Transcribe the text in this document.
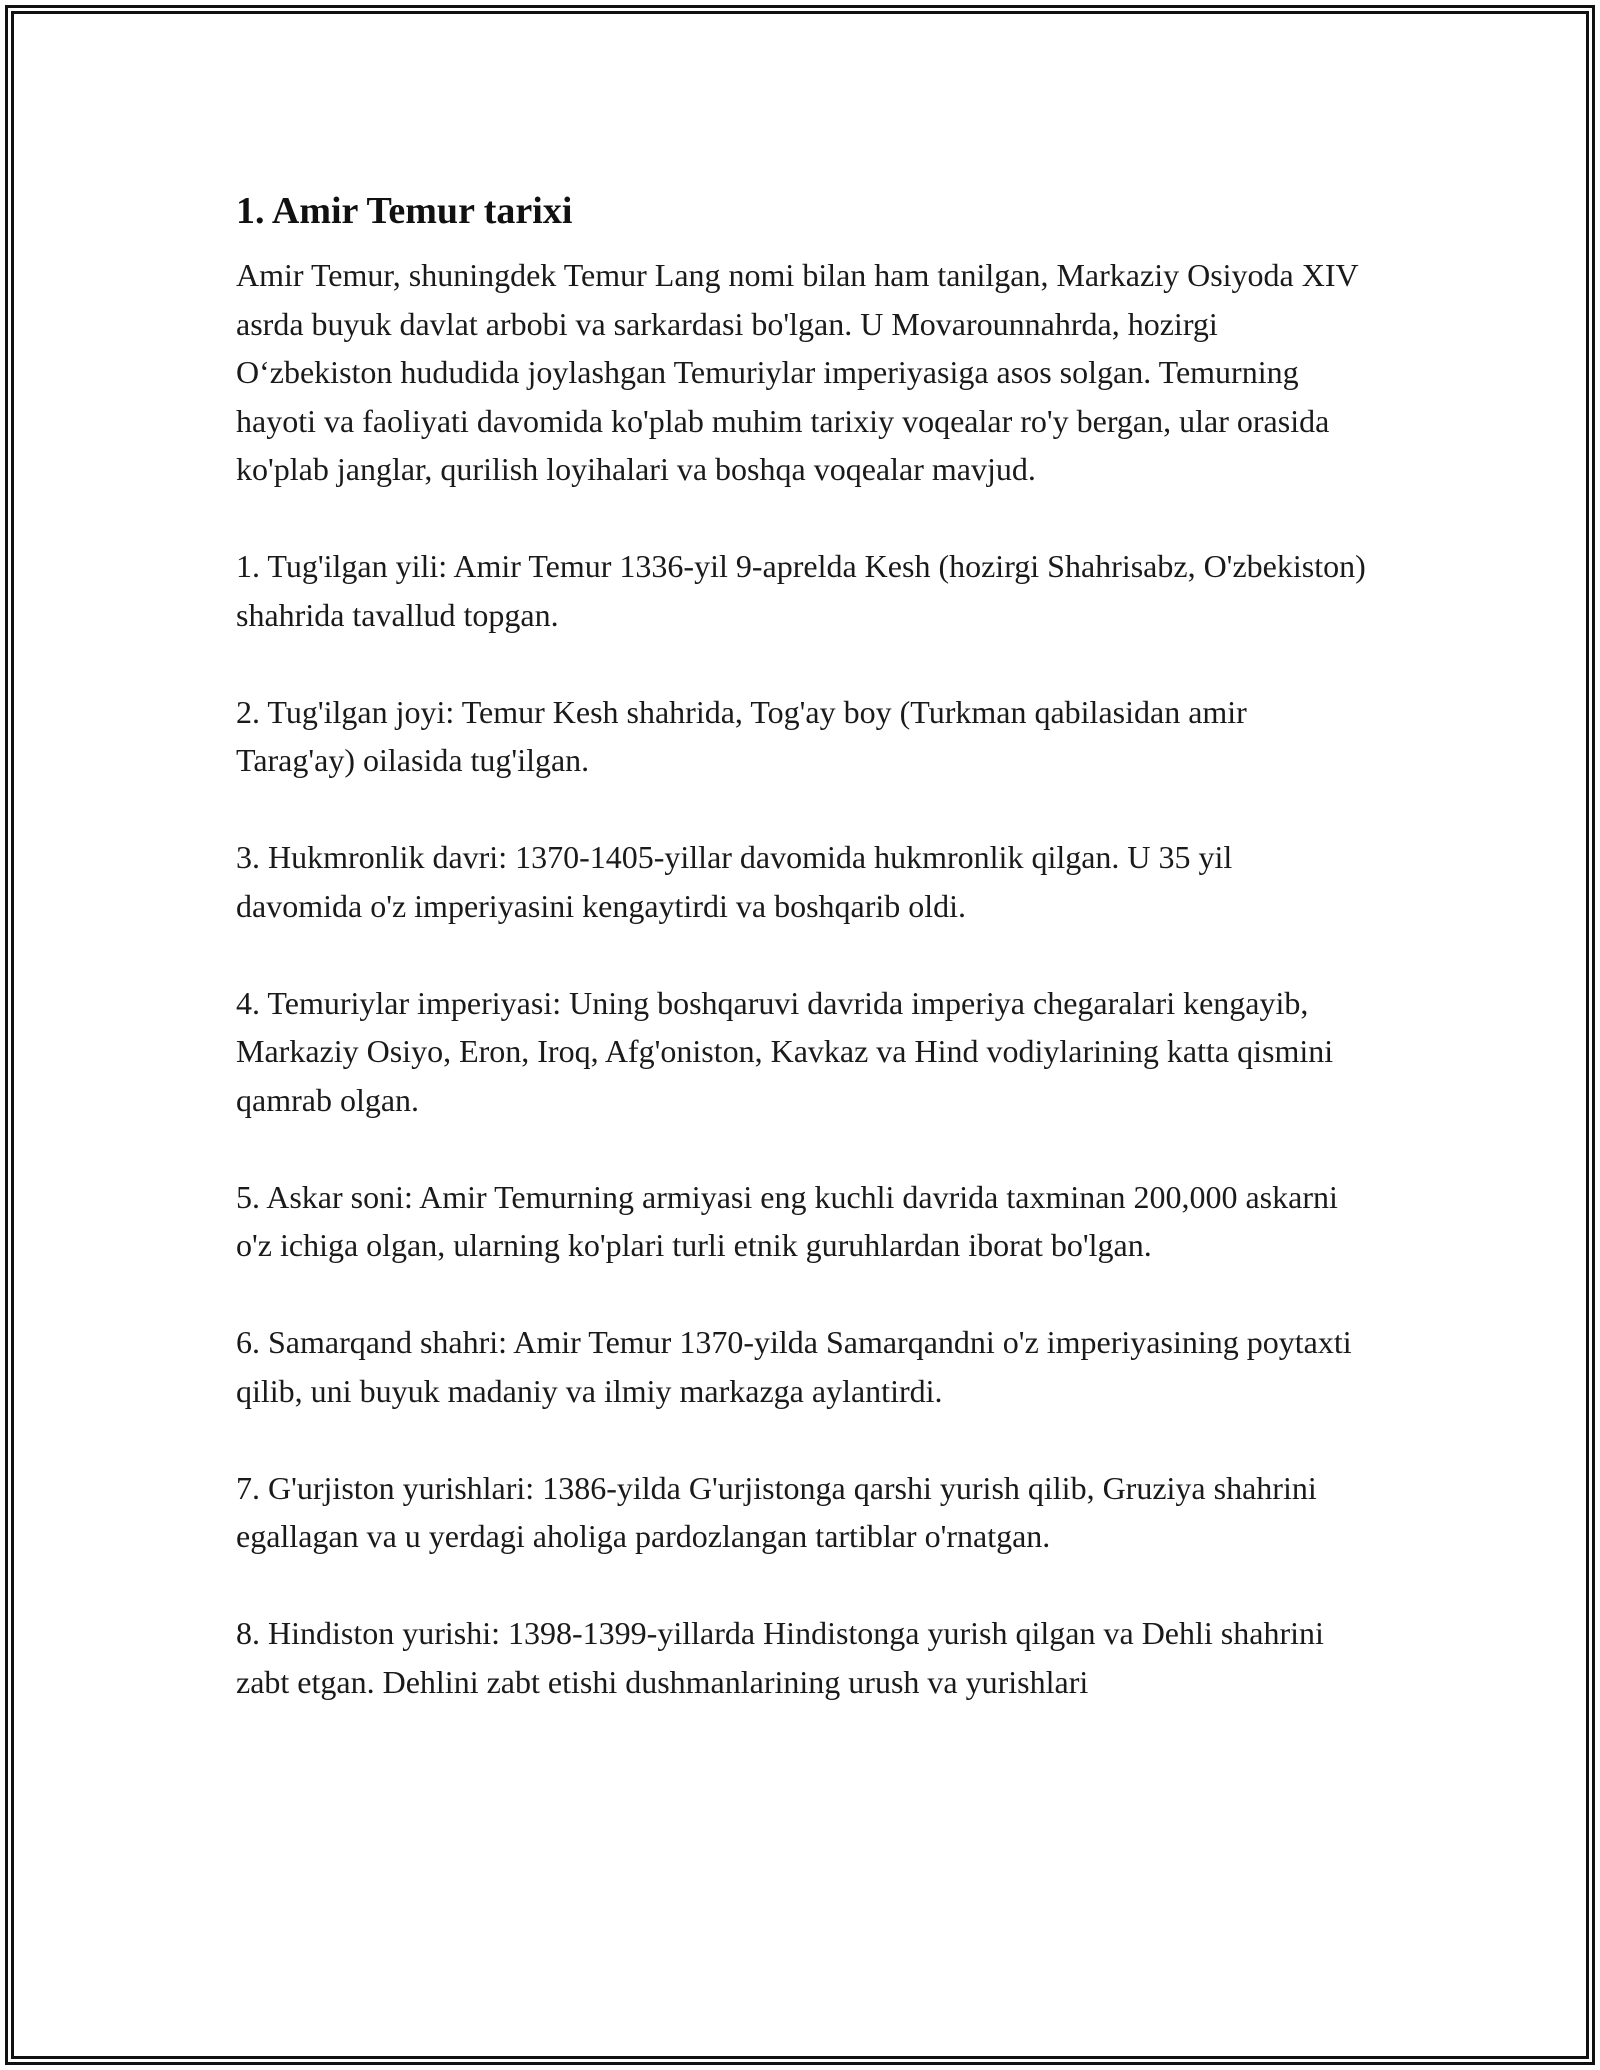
1. Amir Temur tarixi

Amir Temur, shuningdek Temur Lang nomi bilan ham tanilgan, Markaziy Osiyoda XIV asrda buyuk davlat arbobi va sarkardasi bo'lgan. U Movarounnahrda, hozirgi O‘zbekiston hududida joylashgan Temuriylar imperiyasiga asos solgan. Temurning hayoti va faoliyati davomida ko'plab muhim tarixiy voqealar ro'y bergan, ular orasida ko'plab janglar, qurilish loyihalari va boshqa voqealar mavjud.

1. Tug'ilgan yili: Amir Temur 1336-yil 9-aprelda Kesh (hozirgi Shahrisabz, O'zbekiston) shahrida tavallud topgan.

2. Tug'ilgan joyi: Temur Kesh shahrida, Tog'ay boy (Turkman qabilasidan amir Tarag'ay) oilasida tug'ilgan.

3. Hukmronlik davri: 1370-1405-yillar davomida hukmronlik qilgan. U 35 yil davomida o'z imperiyasini kengaytirdi va boshqarib oldi.

4. Temuriylar imperiyasi: Uning boshqaruvi davrida imperiya chegaralari kengayib, Markaziy Osiyo, Eron, Iroq, Afg'oniston, Kavkaz va Hind vodiylarining katta qismini qamrab olgan.

5. Askar soni: Amir Temurning armiyasi eng kuchli davrida taxminan 200,000 askarni o'z ichiga olgan, ularning ko'plari turli etnik guruhlardan iborat bo'lgan.

6. Samarqand shahri: Amir Temur 1370-yilda Samarqandni o'z imperiyasining poytaxti qilib, uni buyuk madaniy va ilmiy markazga aylantirdi.

7. G'urjiston yurishlari: 1386-yilda G'urjistonga qarshi yurish qilib, Gruziya shahrini egallagan va u yerdagi aholiga pardozlangan tartiblar o'rnatgan.

8. Hindiston yurishi: 1398-1399-yillarda Hindistonga yurish qilgan va Dehli shahrini zabt etgan. Dehlini zabt etishi dushmanlarining urush va yurishlari
